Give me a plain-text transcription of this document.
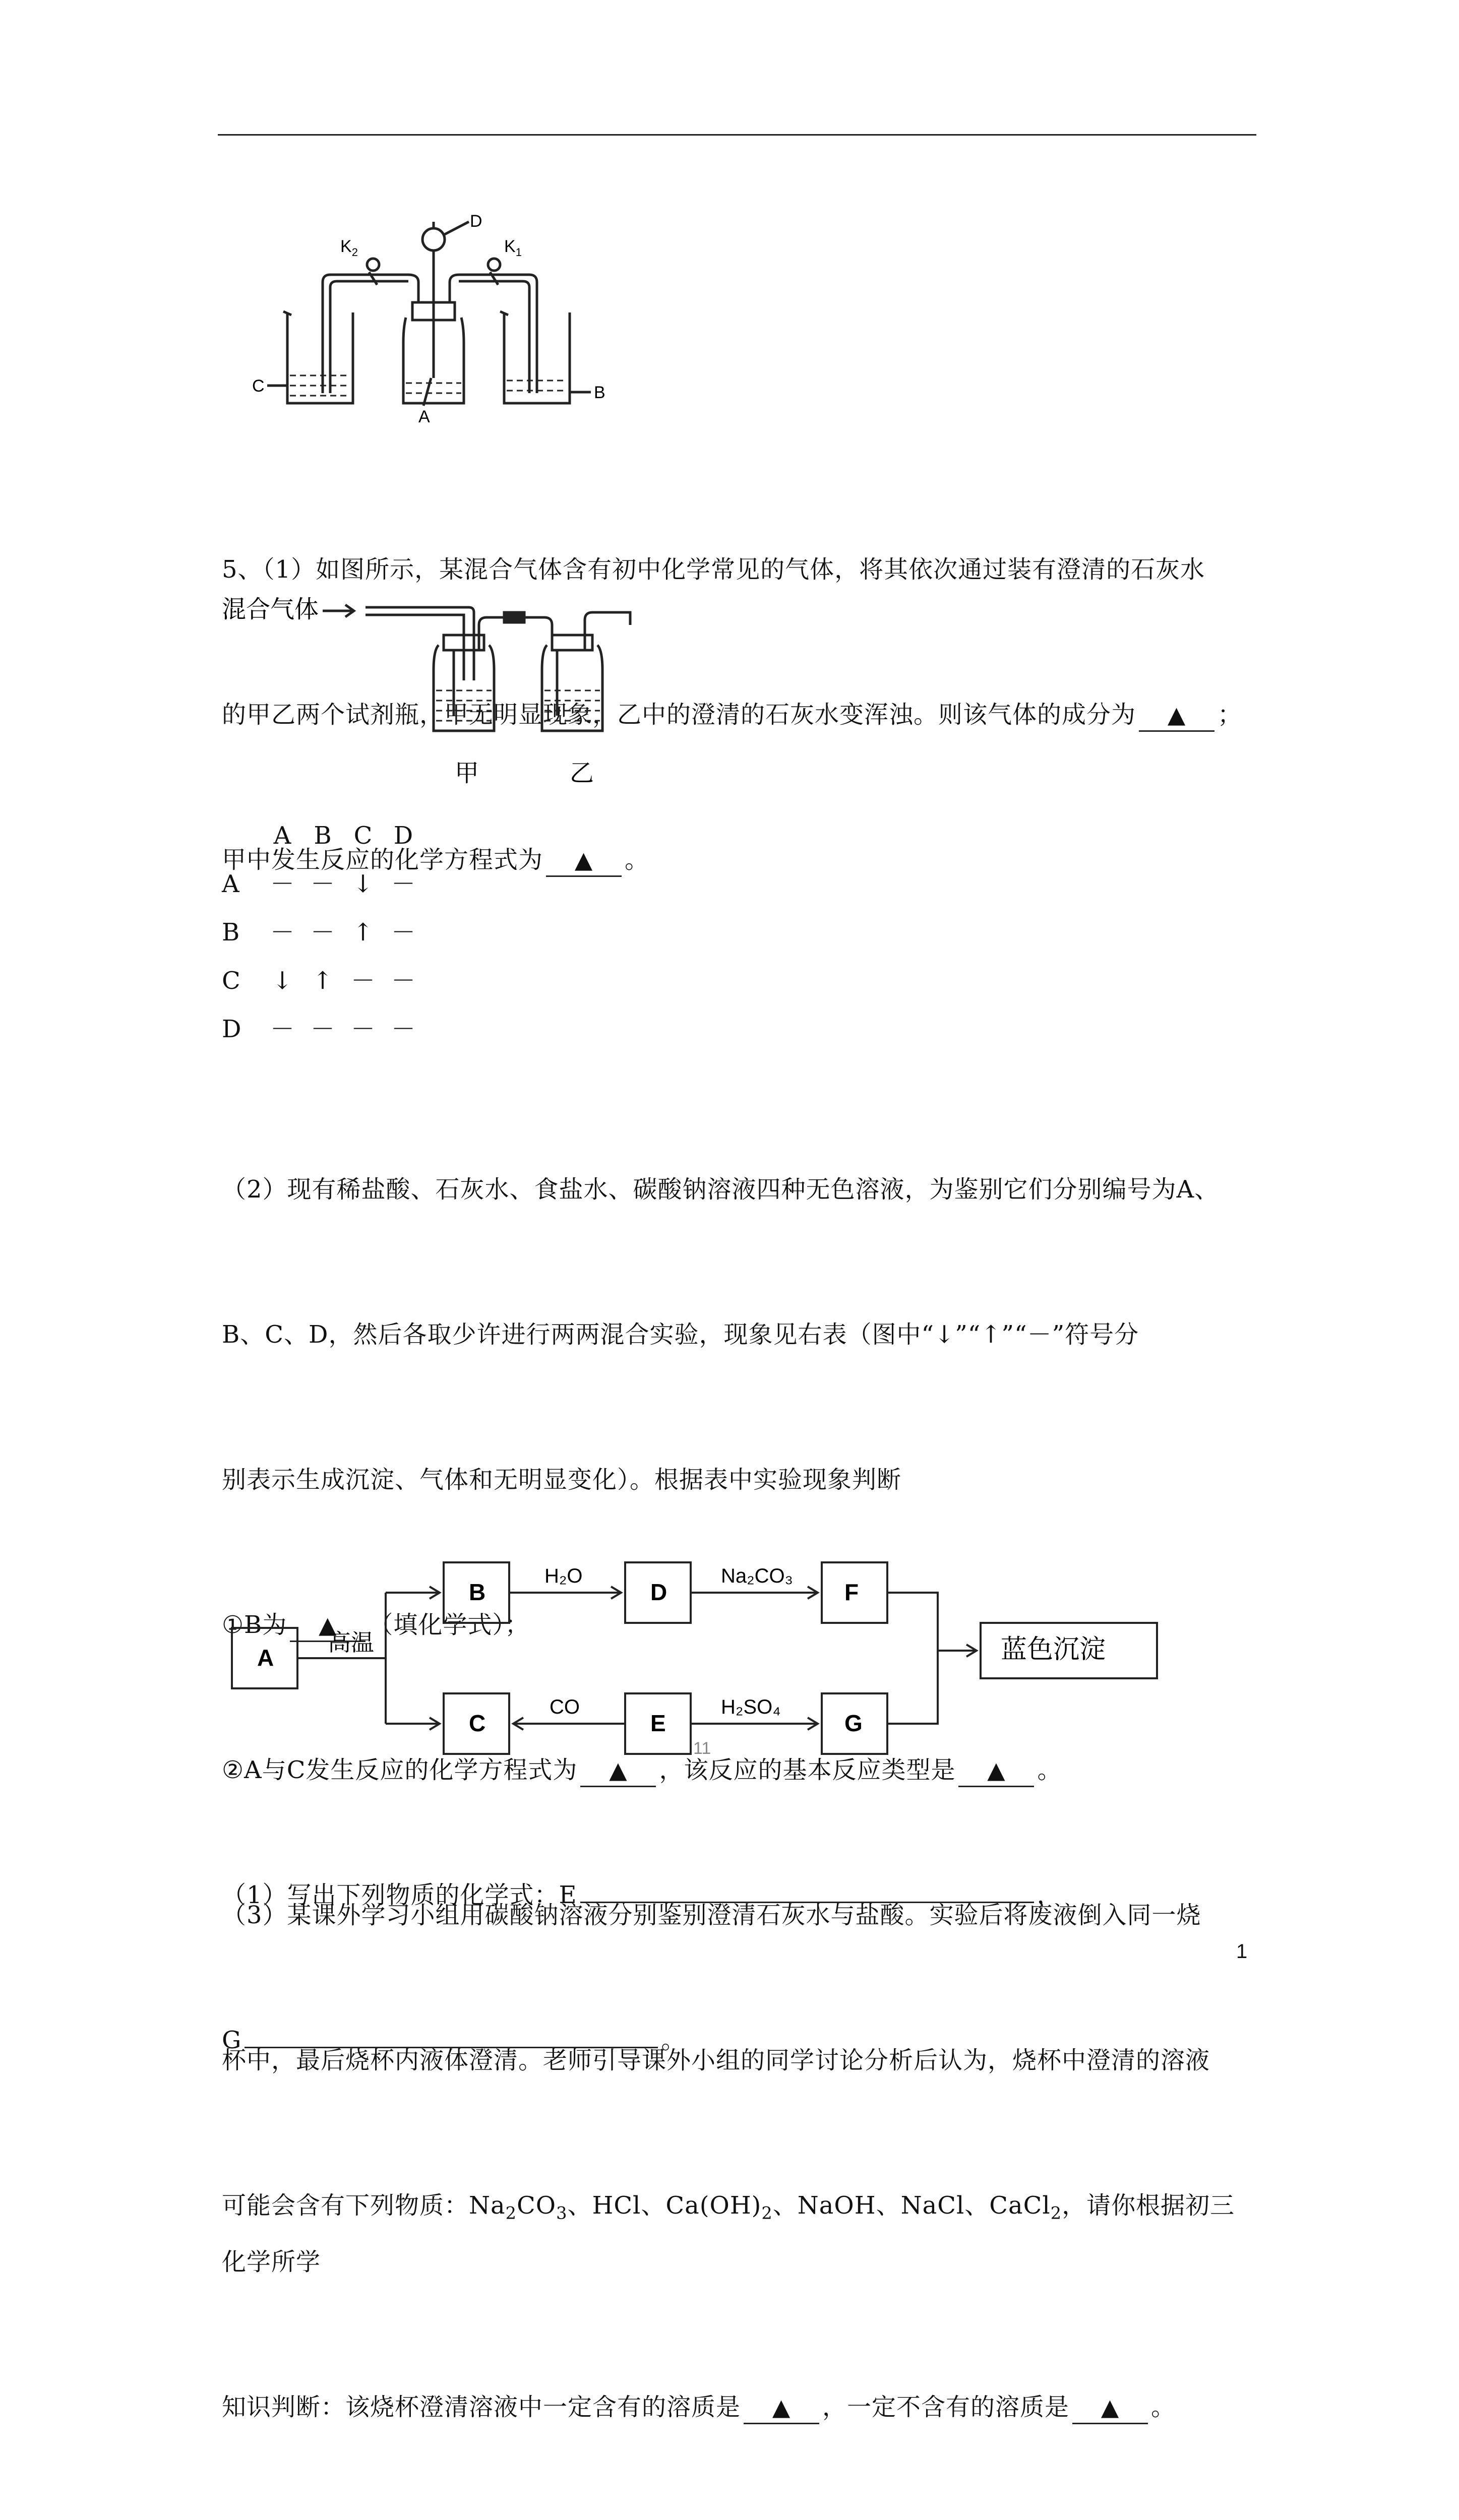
$K_2$	$K_1$
D
C	B
A

5、（1）如图所示，某混合气体含有初中化学常见的气体，将其依次通过装有澄清的石灰水

的甲乙两个试剂瓶，甲无明显现象，乙中的澄清的石灰水变浑浊。则该气体的成分为 ▲ ；

甲中发生反应的化学方程式为 ▲ 。

混合气体
甲	乙
A B C D
A	－ － ↓ －
B	－ － ↑ －
C	↓ ↑ － －
D	－ － － －

（2）现有稀盐酸、石灰水、食盐水、碳酸钠溶液四种无色溶液，为鉴别它们分别编号为A、

B、C、D，然后各取少许进行两两混合实验，现象见右表（图中“↓”“↑”“－”符号分

别表示生成沉淀、气体和无明显变化）。根据表中实验现象判断

①B为 ▲ （填化学式）；

②A与C发生反应的化学方程式为 ▲ ，该反应的基本反应类型是 ▲ 。

（3）某课外学习小组用碳酸钠溶液分别鉴别澄清石灰水与盐酸。实验后将废液倒入同一烧

杯中，最后烧杯内液体澄清。老师引导课外小组的同学讨论分析后认为，烧杯中澄清的溶液

可能会含有下列物质：$Na_2CO_3$、HCl、$Ca(OH)_2$、NaOH、NaCl、CaCl$_2$，请你根据初三化学所学

知识判断：该烧杯澄清溶液中一定含有的溶质是 ▲ ，一定不含有的溶质是 ▲ 。

A
B
C
D
E
F
G
蓝色沉淀
高温
H₂O	Na₂CO₃
CO	H₂SO₄
11

（1）写出下列物质的化学式：E	，

G	。

1
